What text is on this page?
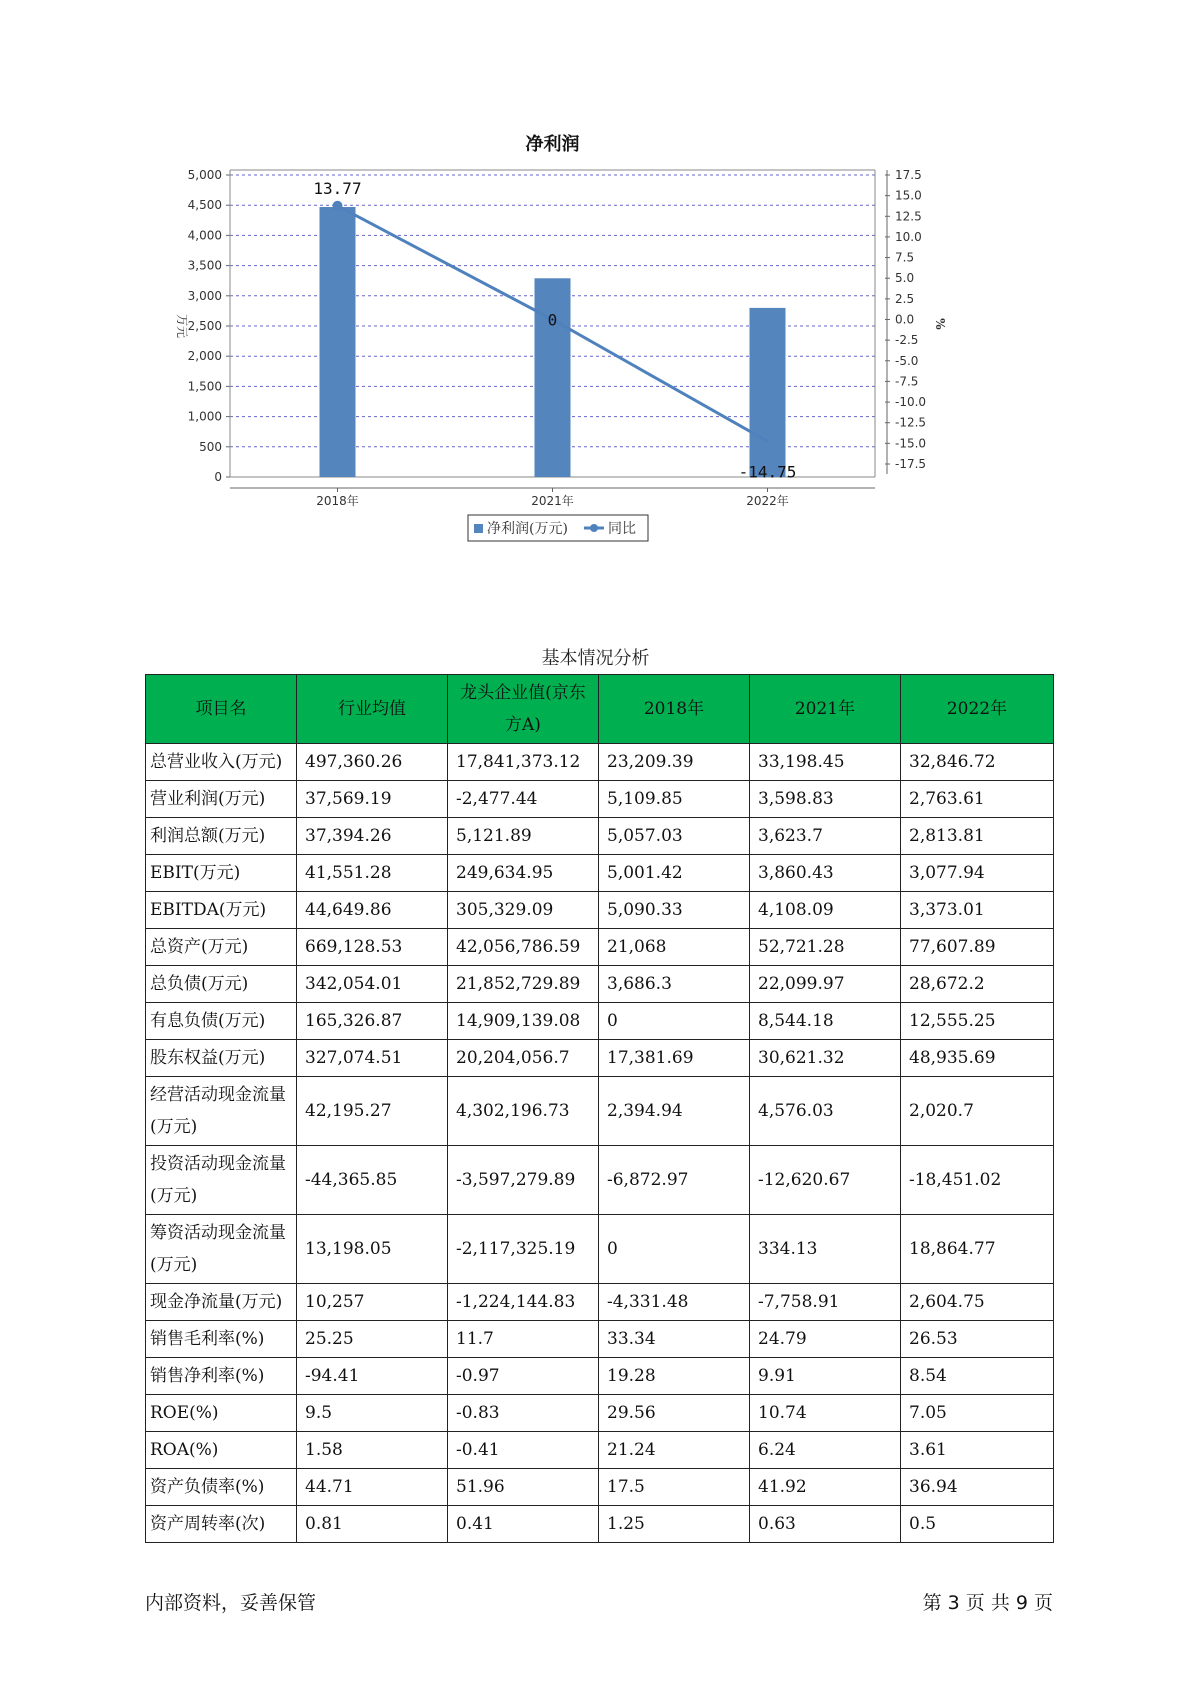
净利润
0
500
1,000
1,500
2,000
2,500
3,000
3,500
4,000
4,500
5,000	17.5
15.0
12.5
10.0
7.5
5.0
2.5
0.0
-2.5
-5.0
-7.5
-10.0
-12.5
-15.0
-17.5
万元	%
2018年	2021年	2022年
13.77
0
-14.75
净利润(万元)	同比
基本情况分析
项目名	行业均值	龙头企业值(京东方A)	2018年	2021年	2022年
总营业收入(万元)	497,360.26	17,841,373.12	23,209.39	33,198.45	32,846.72
营业利润(万元)	37,569.19	-2,477.44	5,109.85	3,598.83	2,763.61
利润总额(万元)	37,394.26	5,121.89	5,057.03	3,623.7	2,813.81
EBIT(万元)	41,551.28	249,634.95	5,001.42	3,860.43	3,077.94
EBITDA(万元)	44,649.86	305,329.09	5,090.33	4,108.09	3,373.01
总资产(万元)	669,128.53	42,056,786.59	21,068	52,721.28	77,607.89
总负债(万元)	342,054.01	21,852,729.89	3,686.3	22,099.97	28,672.2
有息负债(万元)	165,326.87	14,909,139.08	0	8,544.18	12,555.25
股东权益(万元)	327,074.51	20,204,056.7	17,381.69	30,621.32	48,935.69
经营活动现金流量(万元)	42,195.27	4,302,196.73	2,394.94	4,576.03	2,020.7
投资活动现金流量(万元)	-44,365.85	-3,597,279.89	-6,872.97	-12,620.67	-18,451.02
筹资活动现金流量(万元)	13,198.05	-2,117,325.19	0	334.13	18,864.77
现金净流量(万元)	10,257	-1,224,144.83	-4,331.48	-7,758.91	2,604.75
销售毛利率(%)	25.25	11.7	33.34	24.79	26.53
销售净利率(%)	-94.41	-0.97	19.28	9.91	8.54
ROE(%)	9.5	-0.83	29.56	10.74	7.05
ROA(%)	1.58	-0.41	21.24	6.24	3.61
资产负债率(%)	44.71	51.96	17.5	41.92	36.94
资产周转率(次)	0.81	0.41	1.25	0.63	0.5
内部资料，妥善保管	第 3 页 共 9 页
